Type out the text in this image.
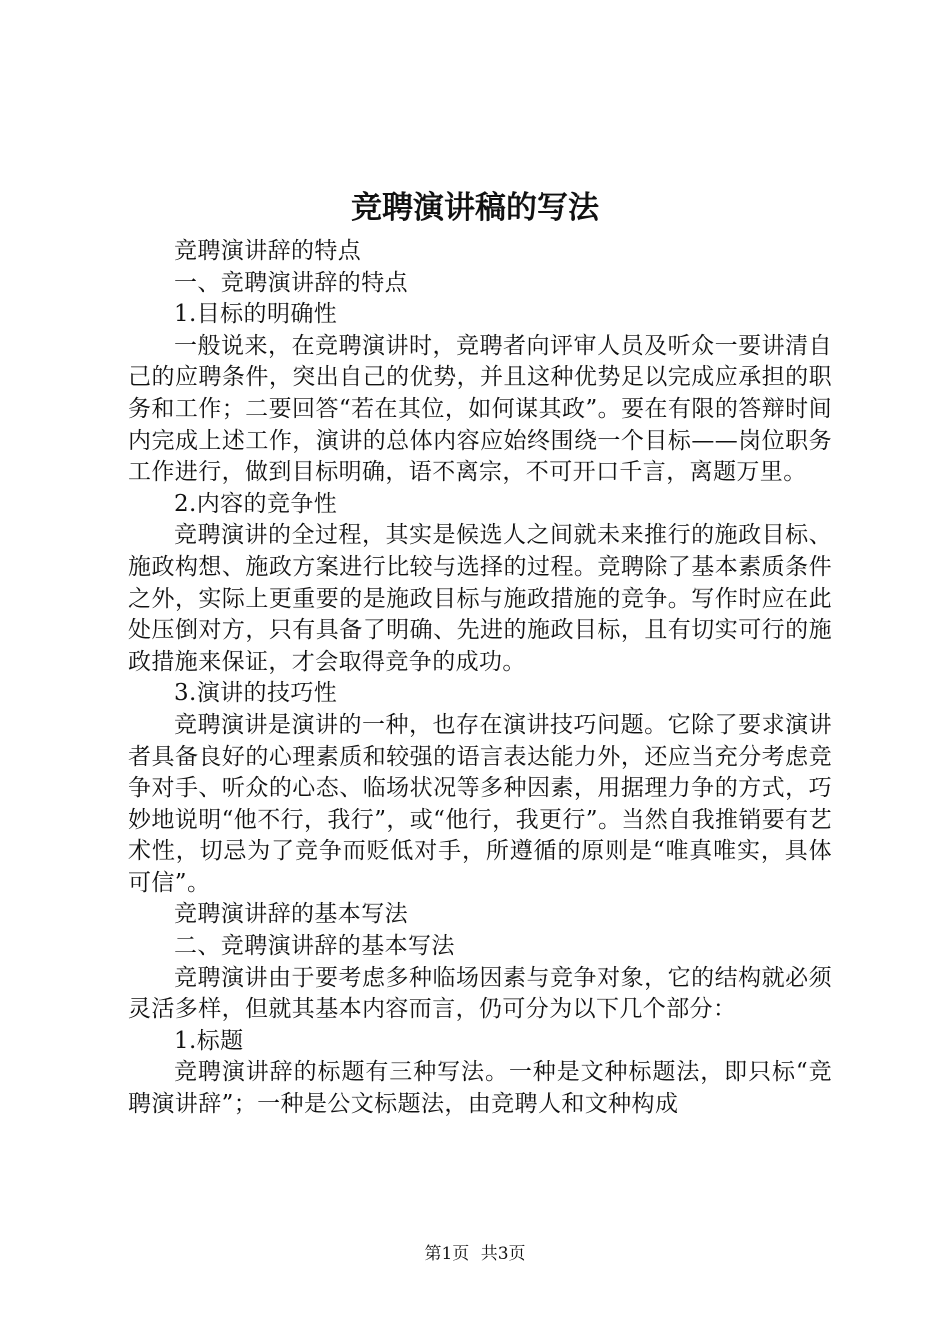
竞聘演讲稿的写法

竞聘演讲辞的特点

一、竞聘演讲辞的特点

1.目标的明确性

一般说来，在竞聘演讲时，竞聘者向评审人员及听众一要讲清自己的应聘条件，突出自己的优势，并且这种优势足以完成应承担的职务和工作；二要回答“若在其位，如何谋其政”。要在有限的答辩时间内完成上述工作，演讲的总体内容应始终围绕一个目标——岗位职务工作进行，做到目标明确，语不离宗，不可开口千言，离题万里。

2.内容的竞争性

竞聘演讲的全过程，其实是候选人之间就未来推行的施政目标、施政构想、施政方案进行比较与选择的过程。竞聘除了基本素质条件之外，实际上更重要的是施政目标与施政措施的竞争。写作时应在此处压倒对方，只有具备了明确、先进的施政目标，且有切实可行的施政措施来保证，才会取得竞争的成功。

3.演讲的技巧性

竞聘演讲是演讲的一种，也存在演讲技巧问题。它除了要求演讲者具备良好的心理素质和较强的语言表达能力外，还应当充分考虑竞争对手、听众的心态、临场状况等多种因素，用据理力争的方式，巧妙地说明“他不行，我行”，或“他行，我更行”。当然自我推销要有艺术性，切忌为了竞争而贬低对手，所遵循的原则是“唯真唯实，具体可信”。

竞聘演讲辞的基本写法

二、竞聘演讲辞的基本写法

竞聘演讲由于要考虑多种临场因素与竞争对象，它的结构就必须灵活多样，但就其基本内容而言，仍可分为以下几个部分：

1.标题

竞聘演讲辞的标题有三种写法。一种是文种标题法，即只标“竞聘演讲辞”；一种是公文标题法，由竞聘人和文种构成

第1页 共3页
